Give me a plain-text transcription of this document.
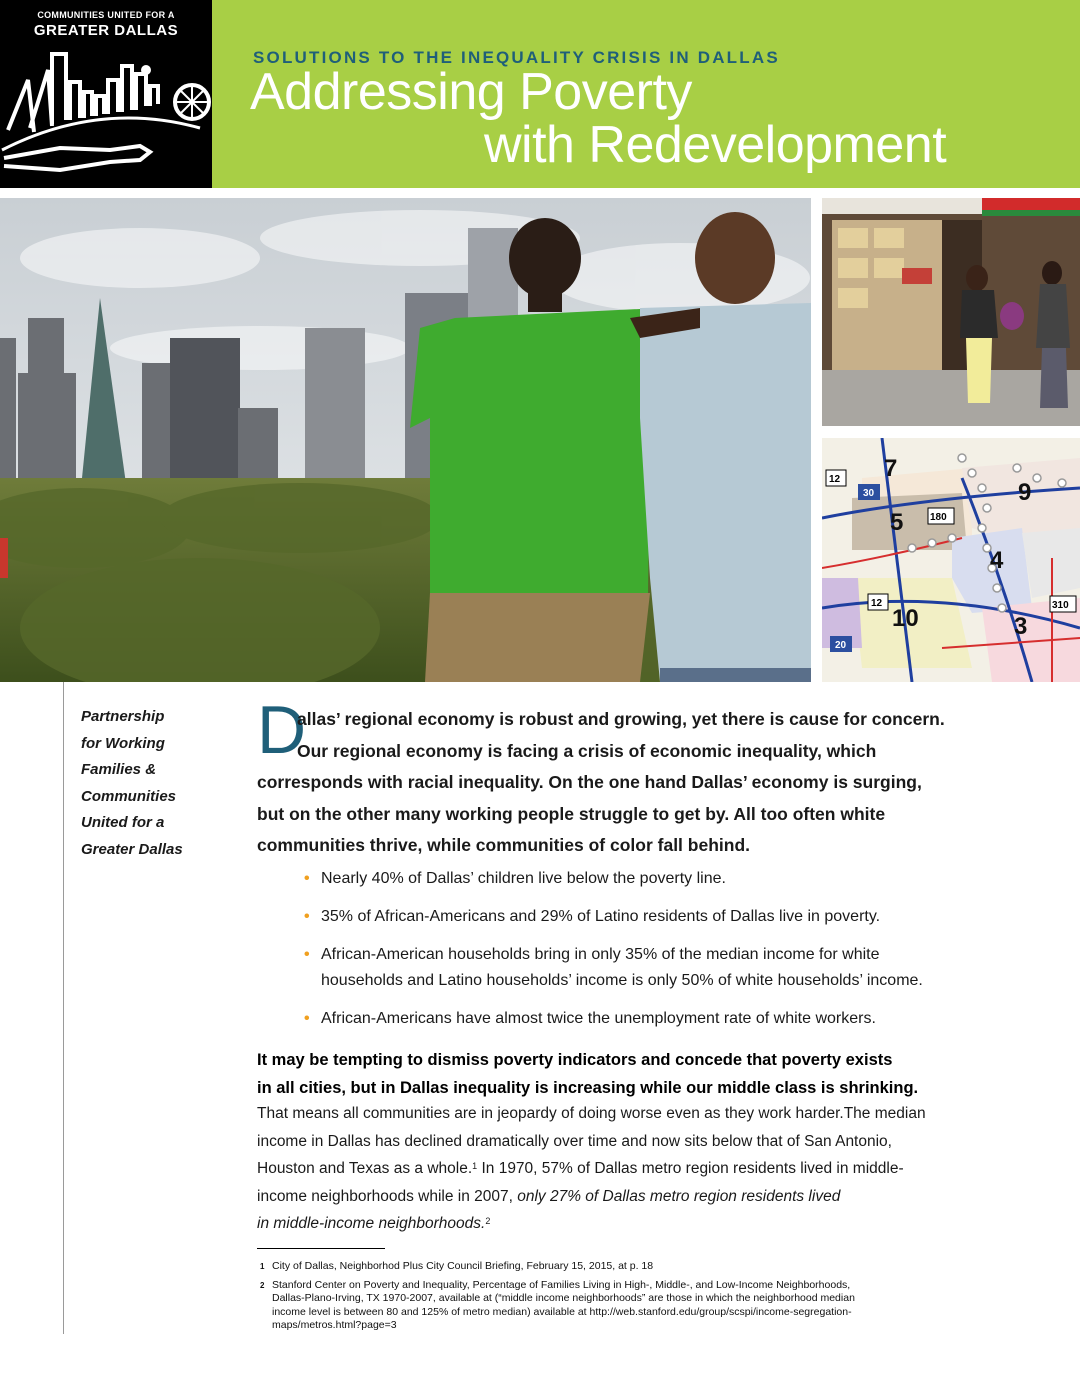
COMMUNITIES UNITED FOR A
GREATER DALLAS
SOLUTIONS TO THE INEQUALITY CRISIS IN DALLAS
Addressing Poverty
with Redevelopment
7
5
9
4
10	3
12
30
180
12	310
20
Partnership
for Working
Families &
Communities
United for a
Greater Dallas
D
allas’ regional economy is robust and growing, yet there is cause for concern.
Our regional economy is facing a crisis of economic inequality, which
corresponds with racial inequality. On the one hand Dallas’ economy is surging,
but on the other many working people struggle to get by. All too often white
communities thrive, while communities of color fall behind.
• Nearly 40% of Dallas’ children live below the poverty line.
• 35% of African-Americans and 29% of Latino residents of Dallas live in poverty.
• African-American households bring in only 35% of the median income for white
households and Latino households’ income is only 50% of white households’ income.
• African-Americans have almost twice the unemployment rate of white workers.
It may be tempting to dismiss poverty indicators and concede that poverty exists
in all cities, but in Dallas inequality is increasing while our middle class is shrinking.
That means all communities are in jeopardy of doing worse even as they work harder.The median
income in Dallas has declined dramatically over time and now sits below that of San Antonio,
Houston and Texas as a whole.$^1$ In 1970, 57% of Dallas metro region residents lived in middle-
income neighborhoods while in 2007, only 27% of Dallas metro region residents lived
in middle-income neighborhoods.$^2$
1 City of Dallas, Neighborhod Plus City Council Briefing, February 15, 2015, at p. 18
2 Stanford Center on Poverty and Inequality, Percentage of Families Living in High-, Middle-, and Low-Income Neighborhoods,
Dallas-Plano-Irving, TX 1970-2007, available at (“middle income neighborhoods” are those in which the neighborhood median
income level is between 80 and 125% of metro median) available at http://web.stanford.edu/group/scspi/income-segregation-
maps/metros.html?page=3
